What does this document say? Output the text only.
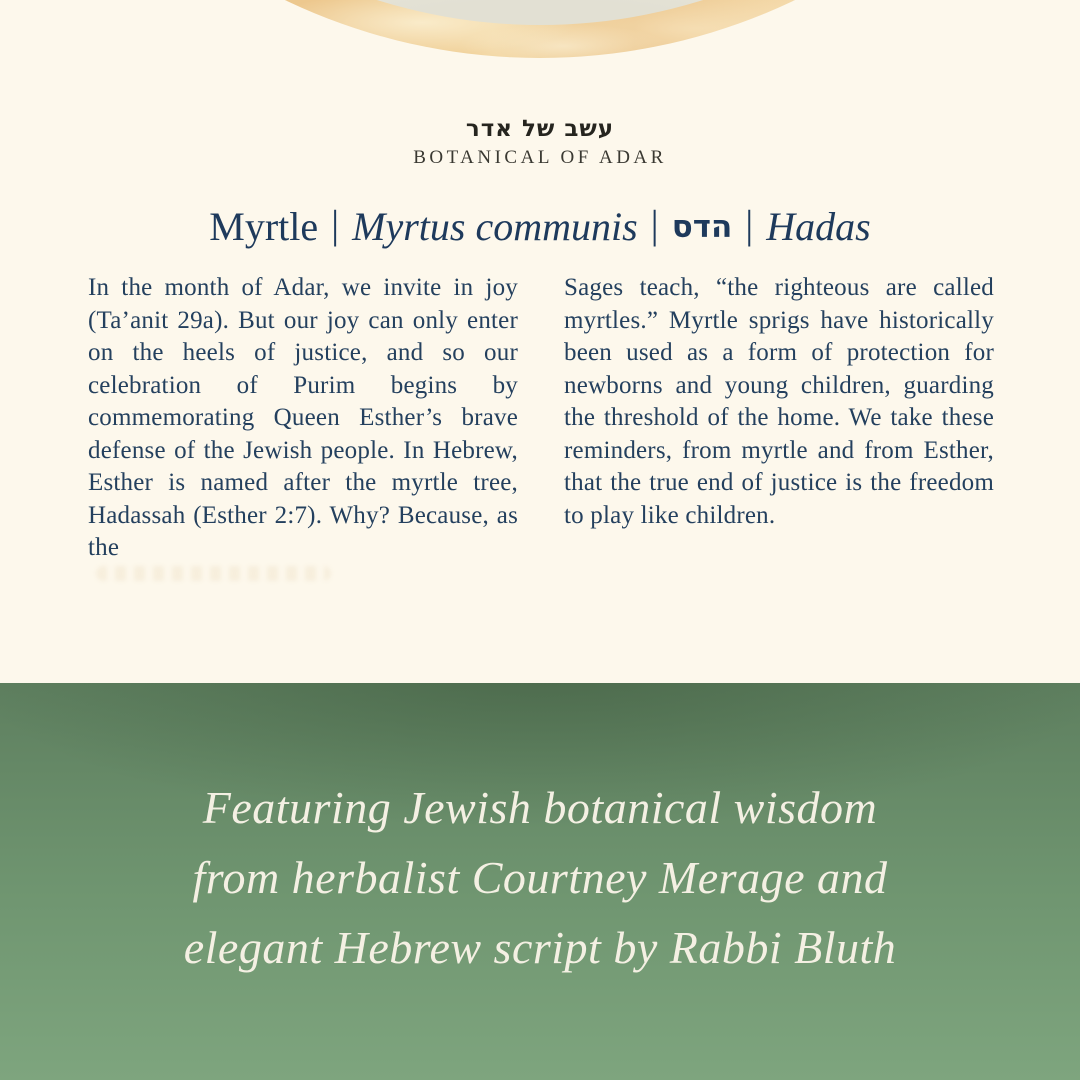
עשב של אדר
BOTANICAL OF ADAR
Myrtle | Myrtus communis | הדס | Hadas
In the month of Adar, we invite in joy (Ta’anit 29a). But our joy can only enter on the heels of justice, and so our celebration of Purim begins by commemorating Queen Esther’s brave defense of the Jewish people. In Hebrew, Esther is named after the myrtle tree, Hadassah (Esther 2:7). Why? Because, as the
Sages teach, “the righteous are called myrtles.” Myrtle sprigs have historically been used as a form of protection for newborns and young children, guarding the threshold of the home. We take these reminders, from myrtle and from Esther, that the true end of justice is the freedom to play like children.
Featuring Jewish botanical wisdom
from herbalist Courtney Merage and
elegant Hebrew script by Rabbi Bluth
